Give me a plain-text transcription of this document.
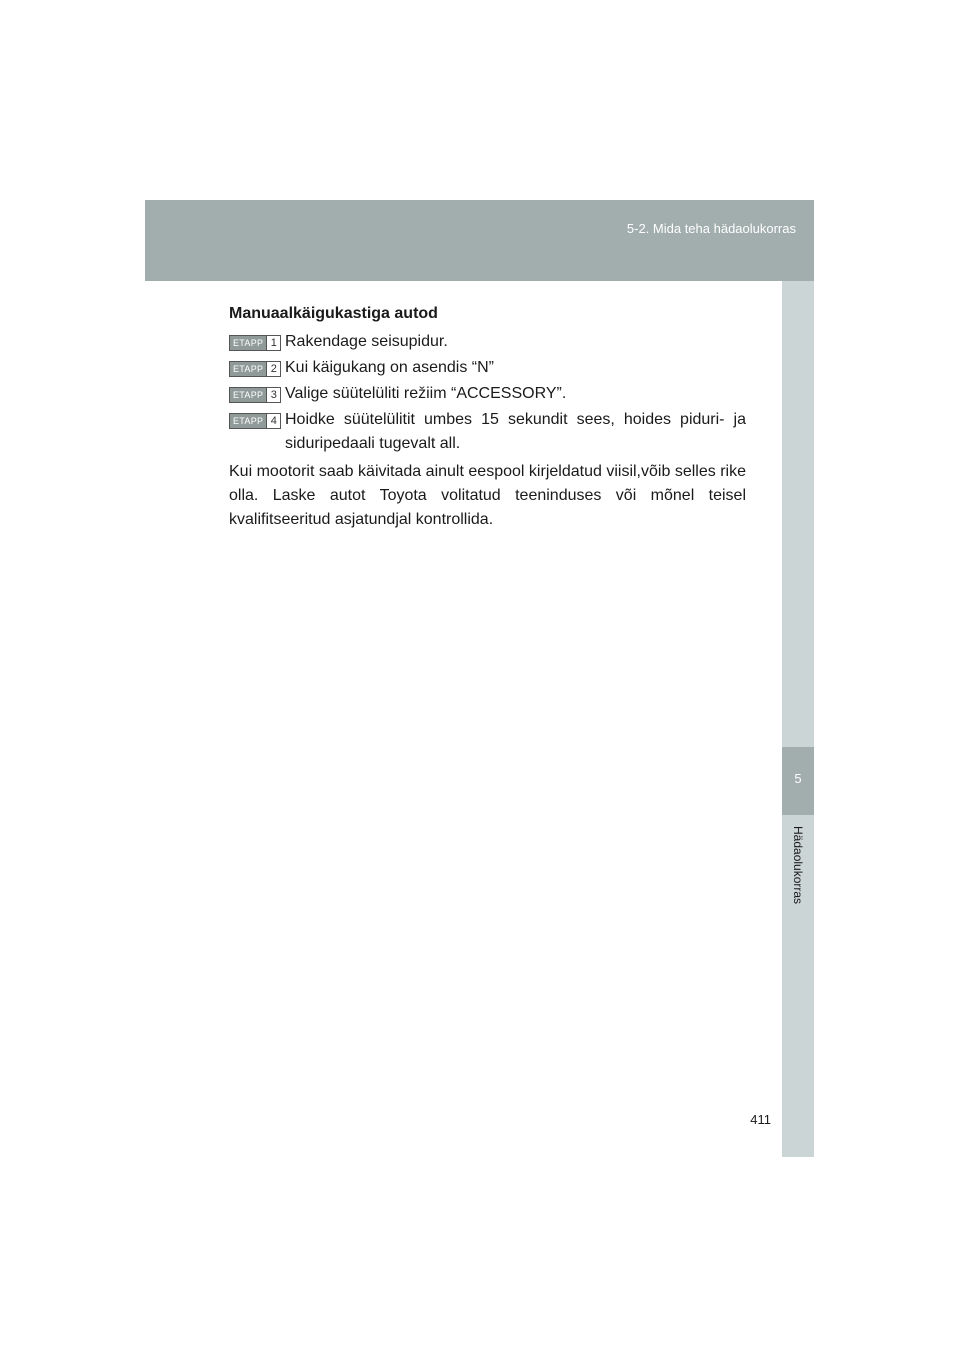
5-2. Mida teha hädaolukorras
5
Hädaolukorras

Manuaalkäigukastiga autod

ETAPP 1 Rakendage seisupidur.
ETAPP 2 Kui käigukang on asendis “N”
ETAPP 3 Valige süütelüliti režiim “ACCESSORY”.
ETAPP 4 Hoidke süütelülitit umbes 15 sekundit sees, hoides piduri- ja siduripedaali tugevalt all.

Kui mootorit saab käivitada ainult eespool kirjeldatud viisil,võib selles rike olla. Laske autot Toyota volitatud teeninduses või mõnel teisel kvalifitseeritud asjatundjal kontrollida.

411
